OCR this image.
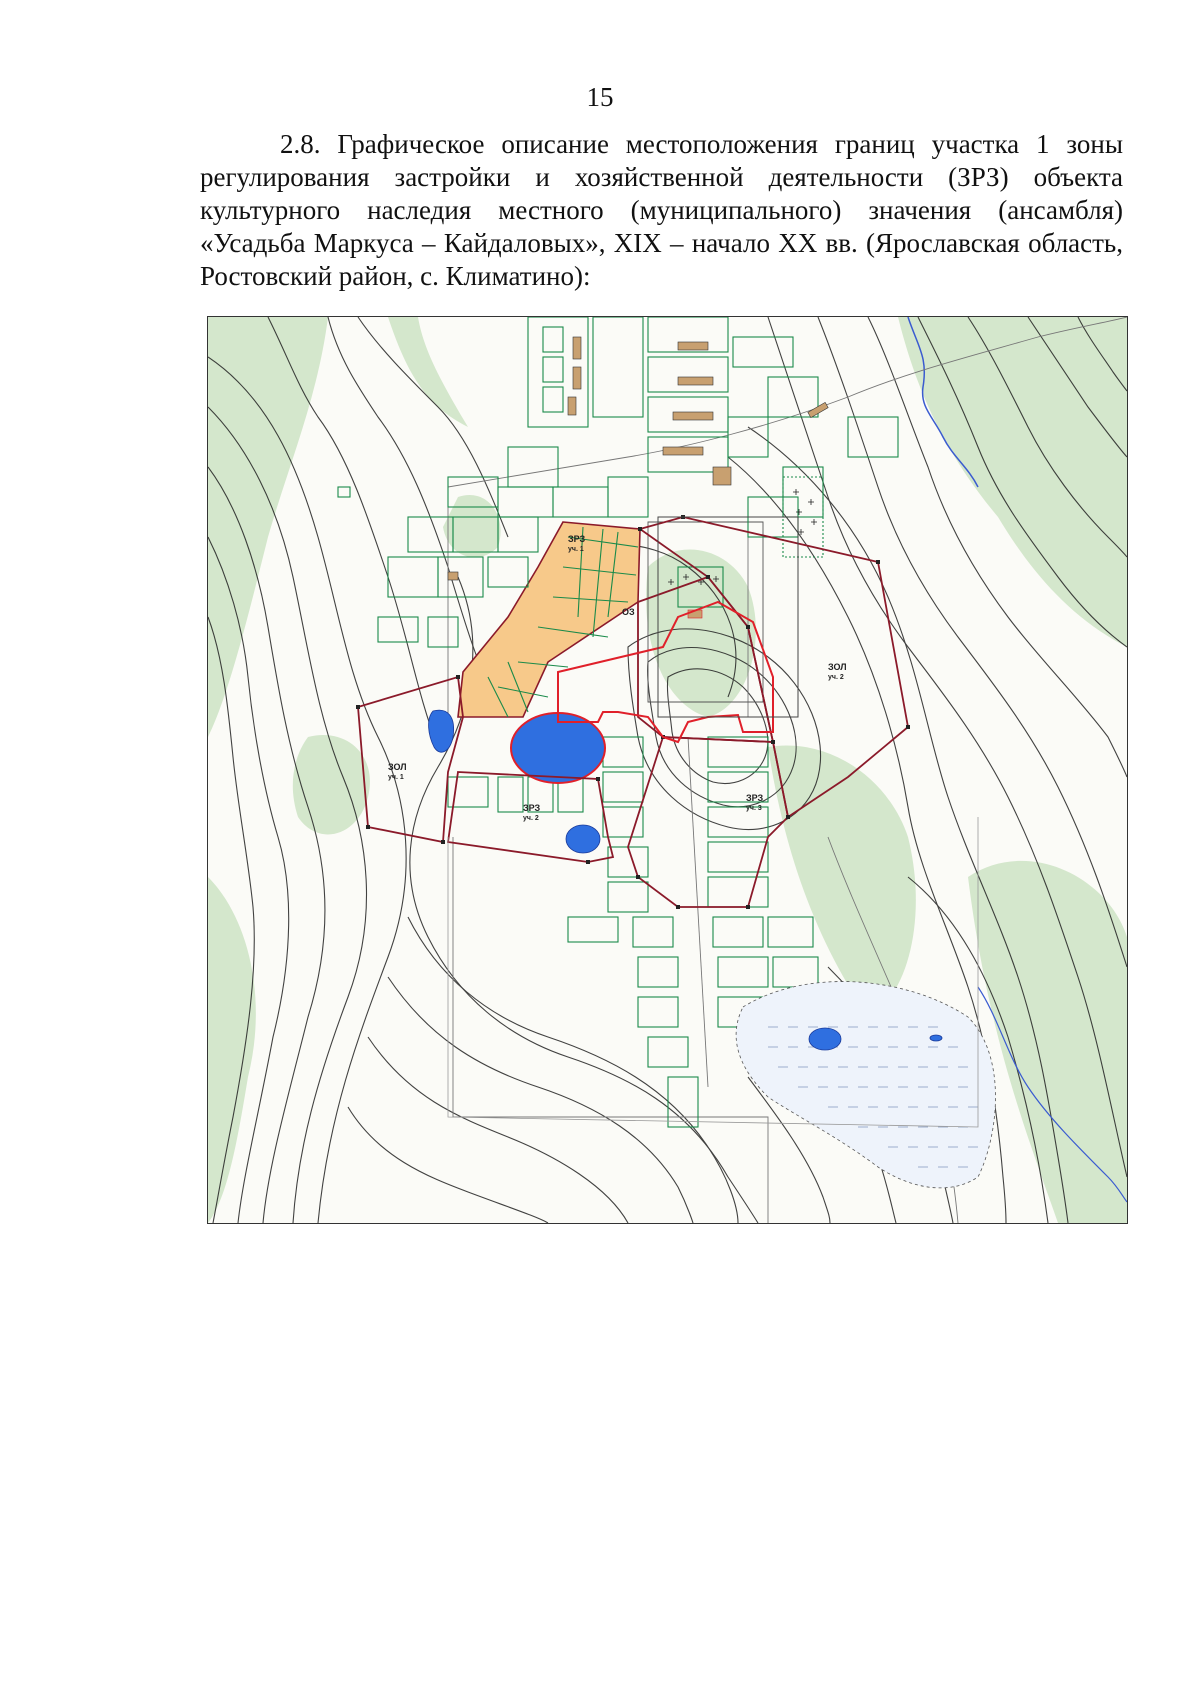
15
2.8. Графическое описание местоположения границ участка 1 зоны
регулирования застройки и хозяйственной деятельности (ЗРЗ) объекта
культурного наследия местного (муниципального) значения (ансамбля)
«Усадьба Маркуса – Кайдаловых», XIX – начало XX вв. (Ярославская область,
Ростовский район, с. Климатино):
ЗРЗ
уч. 1
ЗРЗ
уч. 2
ЗРЗ
уч. 3
ЗОЛ
уч. 1
ЗОЛ
уч. 2
ОЗ
